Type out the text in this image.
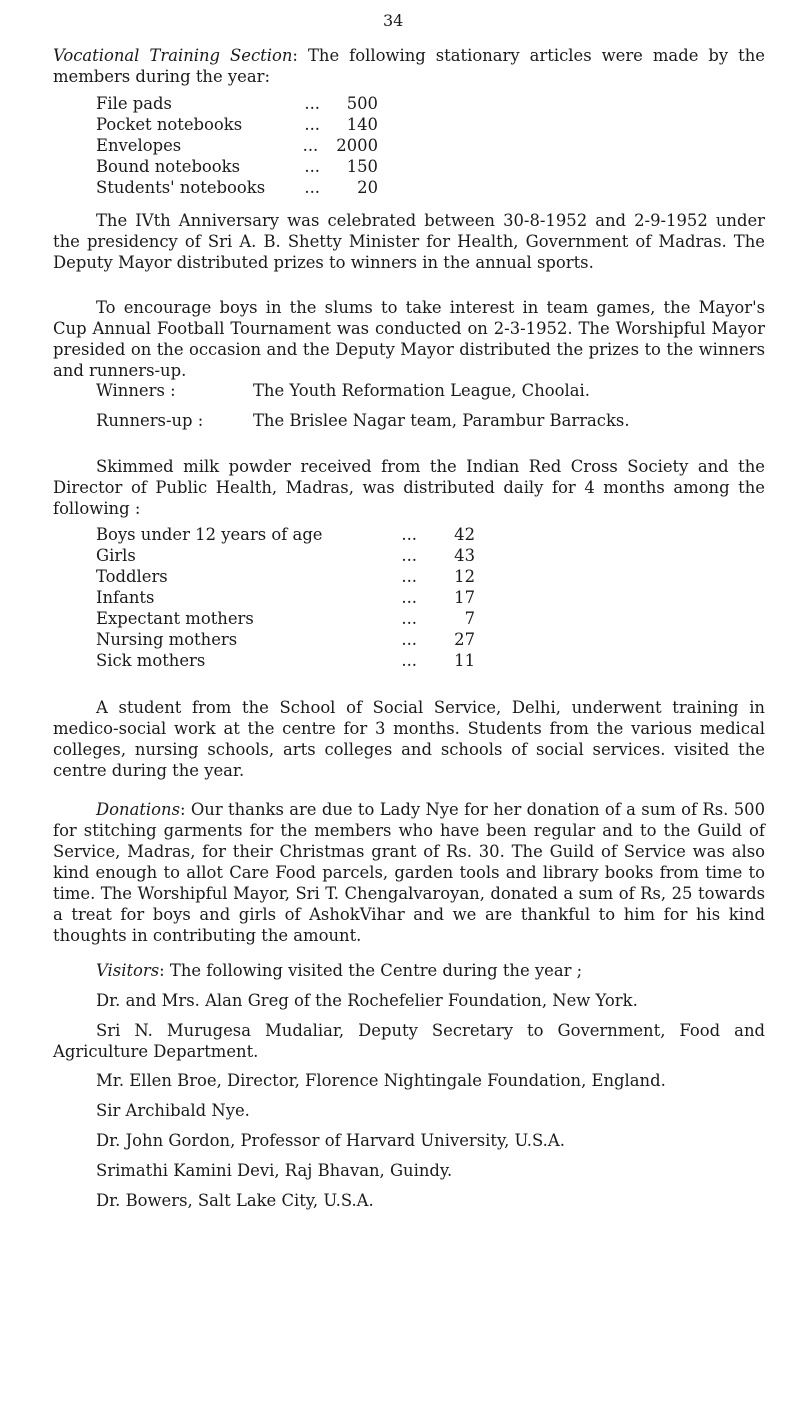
34
Vocational Training Section: The following stationary articles were made by the members during the year:
File pads	...	500
Pocket notebooks	...	140
Envelopes	...	2000
Bound notebooks	...	150
Students' notebooks	...	20
The IVth Anniversary was celebrated between 30-8-1952 and 2-9-1952 under the presidency of Sri A. B. Shetty Minister for Health, Government of Madras. The Deputy Mayor distributed prizes to winners in the annual sports.
To encourage boys in the slums to take interest in team games, the Mayor's Cup Annual Football Tournament was conducted on 2-3-1952. The Worshipful Mayor presided on the occasion and the Deputy Mayor distributed the prizes to the winners and runners-up.
Winners :	The Youth Reformation League, Choolai.
Runners-up :	The Brislee Nagar team, Parambur Barracks.
Skimmed milk powder received from the Indian Red Cross Society and the Director of Public Health, Madras, was distributed daily for 4 months among the following :
Boys under 12 years of age	...	42
Girls	...	43
Toddlers	...	12
Infants	...	17
Expectant mothers	...	7
Nursing mothers	...	27
Sick mothers	...	11
A student from the School of Social Service, Delhi, underwent training in medico-social work at the centre for 3 months. Students from the various medical colleges, nursing schools, arts colleges and schools of social services. visited the centre during the year.
Donations: Our thanks are due to Lady Nye for her donation of a sum of Rs. 500 for stitching garments for the members who have been regular and to the Guild of Service, Madras, for their Christmas grant of Rs. 30. The Guild of Service was also kind enough to allot Care Food parcels, garden tools and library books from time to time. The Worshipful Mayor, Sri T. Chengalvaroyan, donated a sum of Rs, 25 towards a treat for boys and girls of AshokVihar and we are thankful to him for his kind thoughts in contributing the amount.
Visitors: The following visited the Centre during the year ;
Dr. and Mrs. Alan Greg of the Rochefelier Foundation, New York.
Sri N. Murugesa Mudaliar, Deputy Secretary to Government, Food and Agriculture Department.
Mr. Ellen Broe, Director, Florence Nightingale Foundation, England.
Sir Archibald Nye.
Dr. John Gordon, Professor of Harvard University, U.S.A.
Srimathi Kamini Devi, Raj Bhavan, Guindy.
Dr. Bowers, Salt Lake City, U.S.A.
